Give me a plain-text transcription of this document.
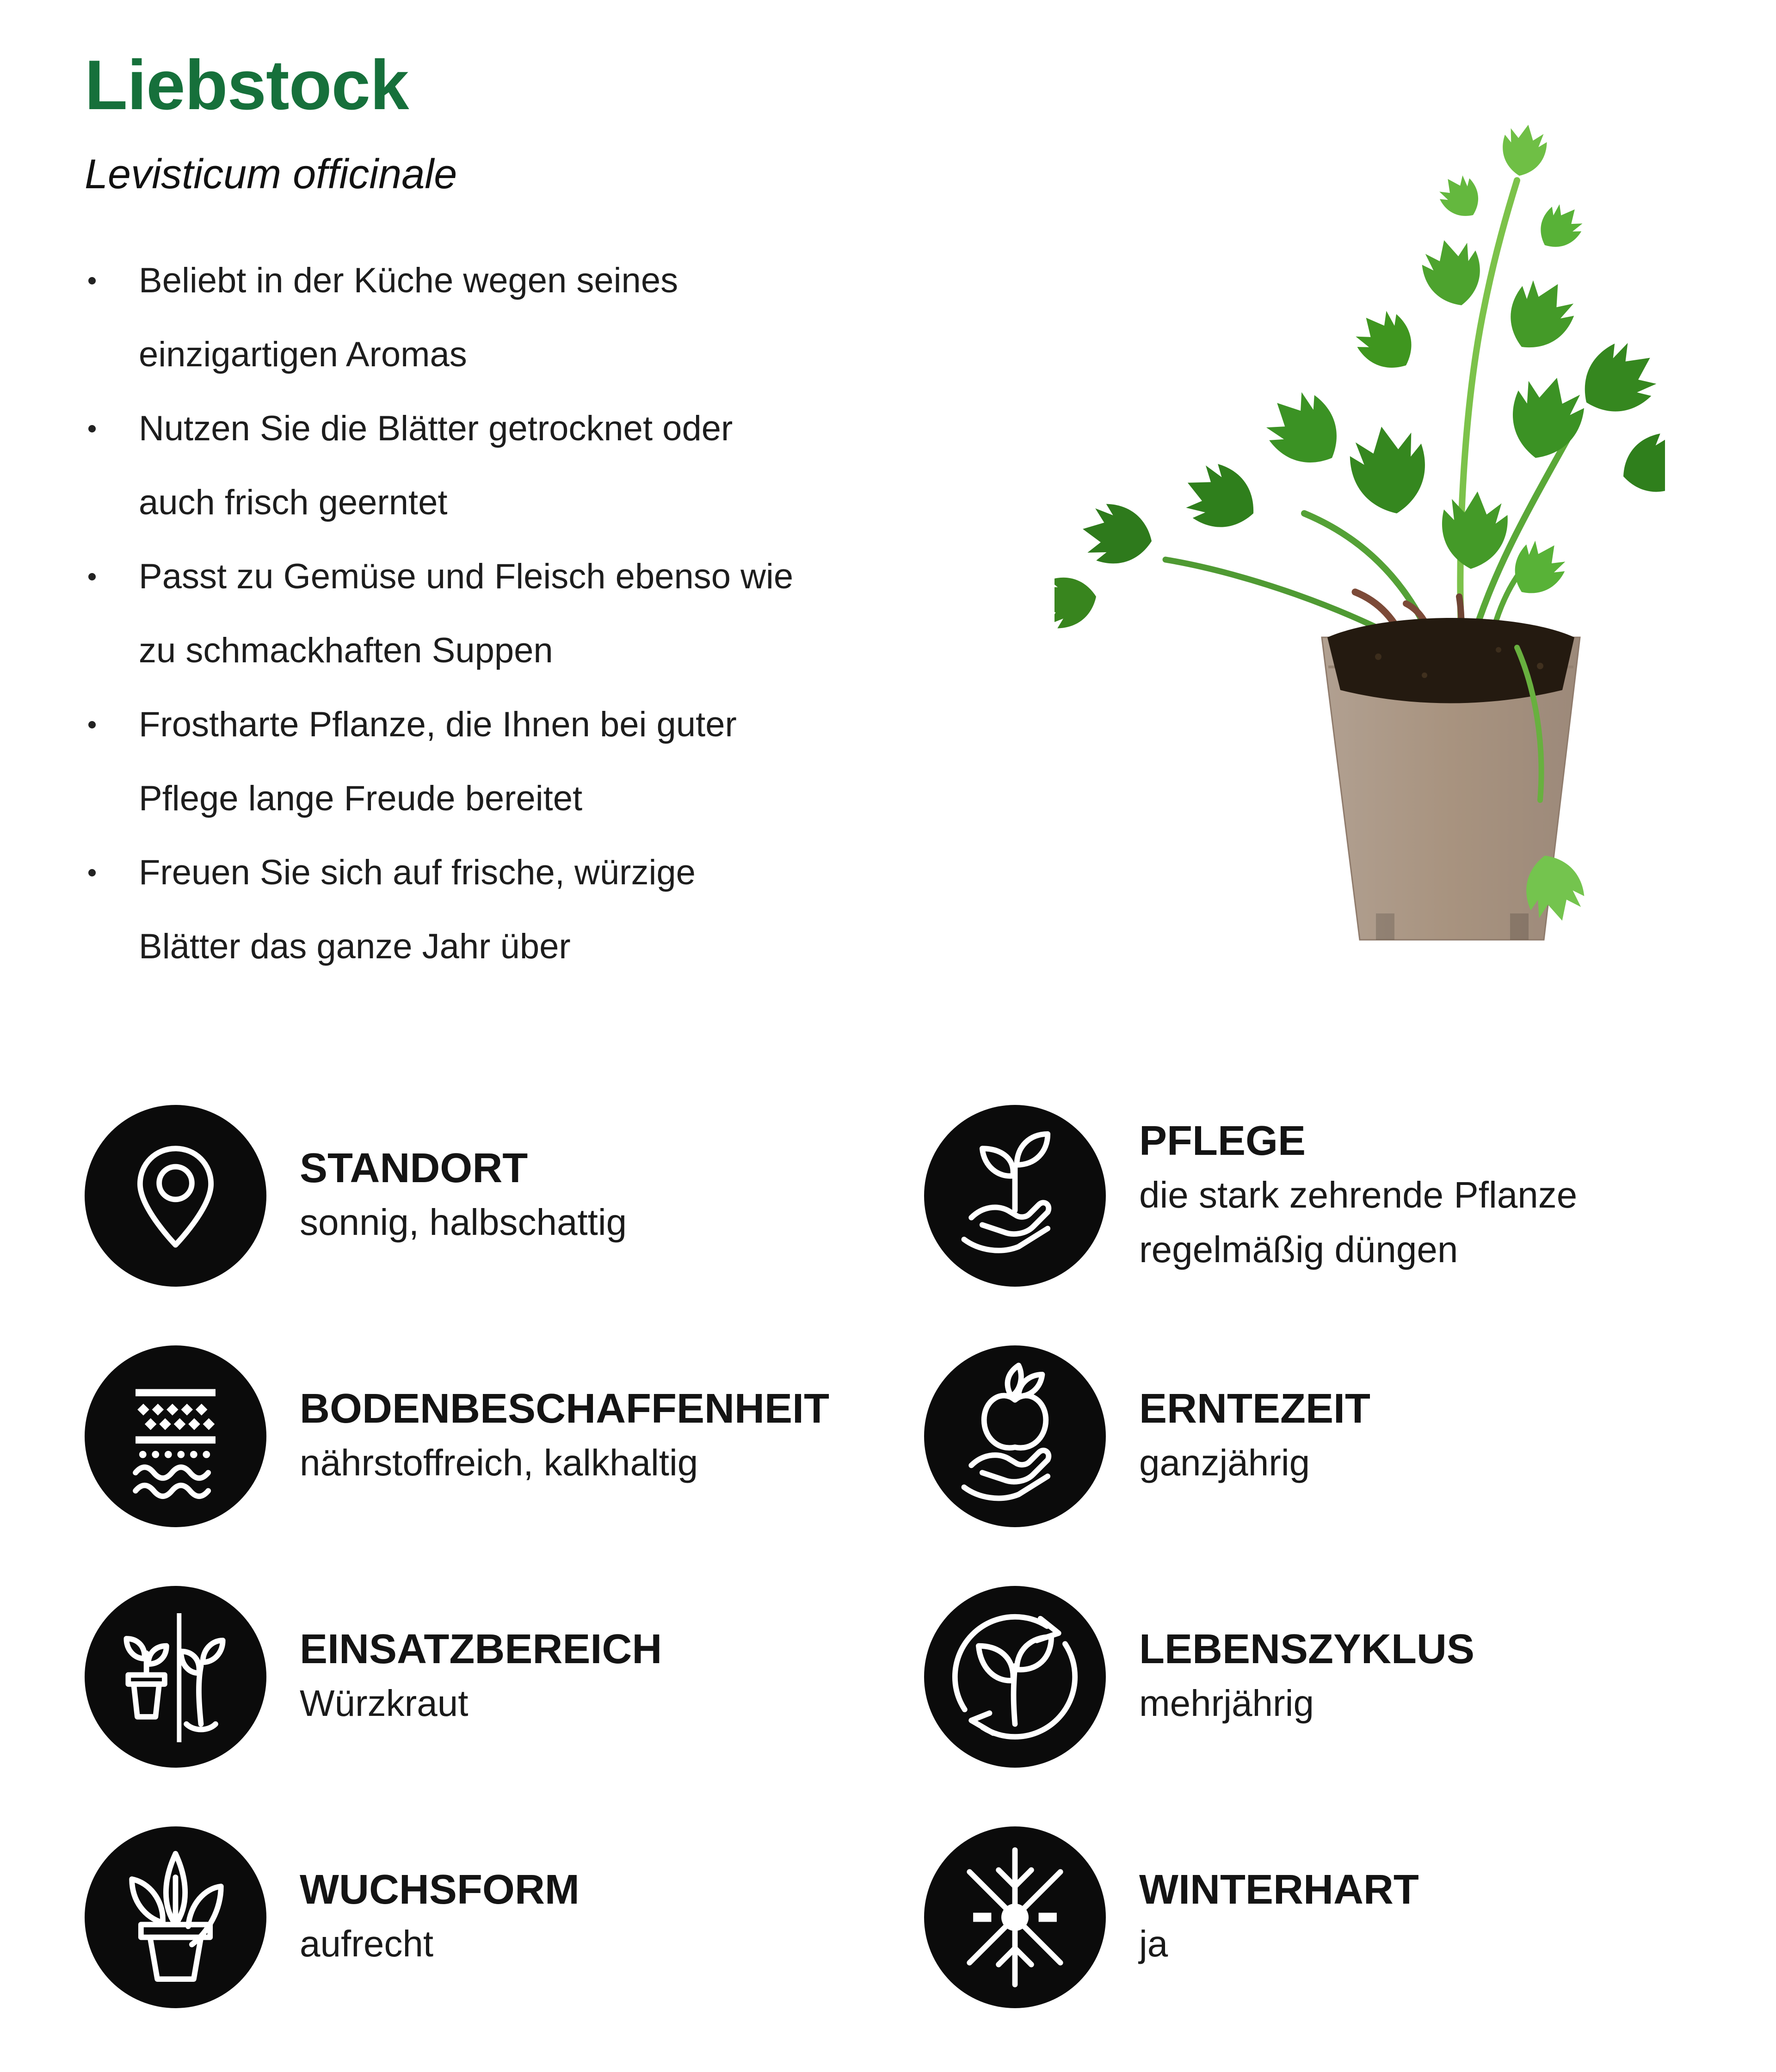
Liebstock
Levisticum officinale
Beliebt in der Küche wegen seines
einzigartigen Aromas
Nutzen Sie die Blätter getrocknet oder
auch frisch geerntet
Passt zu Gemüse und Fleisch ebenso wie
zu schmackhaften Suppen
Frostharte Pflanze, die Ihnen bei guter
Pflege lange Freude bereitet
Freuen Sie sich auf frische, würzige
Blätter das ganze Jahr über
STANDORT
sonnig, halbschattig
PFLEGE
die stark zehrende Pflanze
regelmäßig düngen
BODENBESCHAFFENHEIT
nährstoffreich, kalkhaltig
ERNTEZEIT
ganzjährig
EINSATZBEREICH
Würzkraut
LEBENSZYKLUS
mehrjährig
WUCHSFORM
aufrecht
WINTERHART
ja
